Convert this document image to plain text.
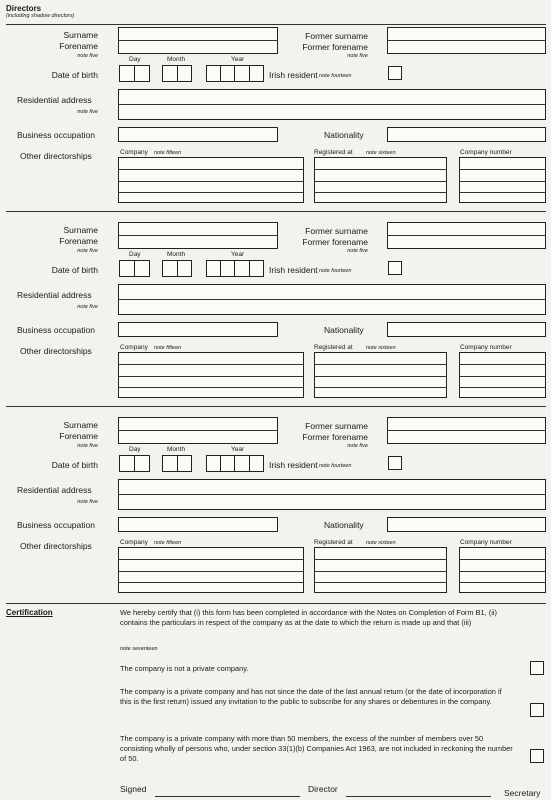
Directors
(including shadow directors)
Surname
Forename
note five
Former surname
Former forename
note five
Day	Month	Year
Date of birth	Irish resident note fourteen
Residential address
note five
Business occupation	Nationality
Other directorships	Company note fifteen	Registered at note sixteen	Company number
Surname
Forename
note five
Former surname
Former forename
note five
Day	Month	Year
Date of birth	Irish resident note fourteen
Residential address
note five
Business occupation	Nationality
Other directorships	Company note fifteen	Registered at note sixteen	Company number
Surname
Forename
note five
Former surname
Former forename
note five
Day	Month	Year
Date of birth	Irish resident note fourteen
Residential address
note five
Business occupation	Nationality
Other directorships	Company note fifteen	Registered at note sixteen	Company number
Certification	We hereby certify that (i) this form has been completed in accordance with the Notes on Completion of Form B1, (ii) contains the particulars in respect of the company as at the date to which the return is made up and that (iii)
note seventeen
The company is not a private company.
The company is a private company and has not since the date of the last annual return (or the date of incorporation if this is the first return) issued any invitation to the public to subscribe for any shares or debentures in the company.
The company is a private company with more than 50 members, the excess of the number of members over 50 consisting wholly of persons who, under section 33(1)(b) Companies Act 1963, are not included in reckoning the number of 50.
Signed	Director	Secretary
